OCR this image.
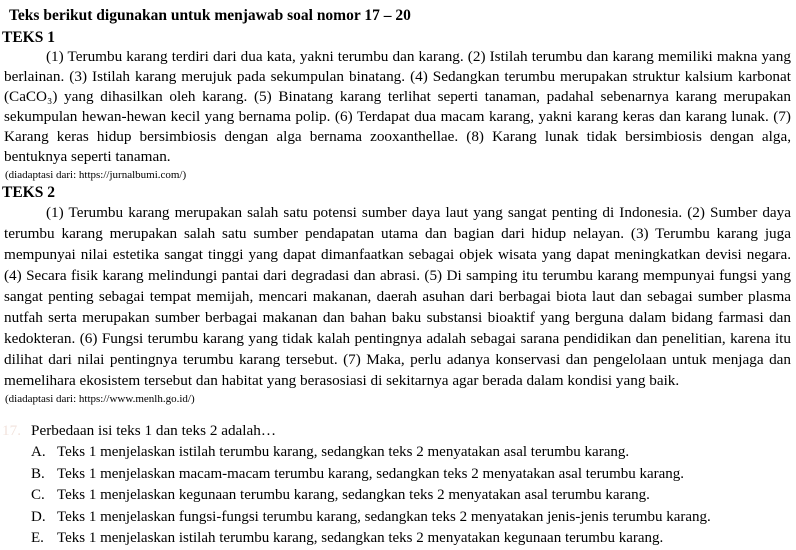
Teks berikut digunakan untuk menjawab soal nomor 17 – 20
TEKS 1

(1) Terumbu karang terdiri dari dua kata, yakni terumbu dan karang. (2) Istilah terumbu dan karang memiliki makna yang berlainan. (3) Istilah karang merujuk pada sekumpulan binatang. (4) Sedangkan terumbu merupakan struktur kalsium karbonat (CaCO₃) yang dihasilkan oleh karang. (5) Binatang karang terlihat seperti tanaman, padahal sebenarnya karang merupakan sekumpulan hewan-hewan kecil yang bernama polip. (6) Terdapat dua macam karang, yakni karang keras dan karang lunak. (7) Karang keras hidup bersimbiosis dengan alga bernama zooxanthellae. (8) Karang lunak tidak bersimbiosis dengan alga, bentuknya seperti tanaman.

(diadaptasi dari: https://jurnalbumi.com/)
TEKS 2

(1) Terumbu karang merupakan salah satu potensi sumber daya laut yang sangat penting di Indonesia. (2) Sumber daya terumbu karang merupakan salah satu sumber pendapatan utama dan bagian dari hidup nelayan. (3) Terumbu karang juga mempunyai nilai estetika sangat tinggi yang dapat dimanfaatkan sebagai objek wisata yang dapat meningkatkan devisi negara. (4) Secara fisik karang melindungi pantai dari degradasi dan abrasi. (5) Di samping itu terumbu karang mempunyai fungsi yang sangat penting sebagai tempat memijah, mencari makanan, daerah asuhan dari berbagai biota laut dan sebagai sumber plasma nutfah serta merupakan sumber berbagai makanan dan bahan baku substansi bioaktif yang berguna dalam bidang farmasi dan kedokteran. (6) Fungsi terumbu karang yang tidak kalah pentingnya adalah sebagai sarana pendidikan dan penelitian, karena itu dilihat dari nilai pentingnya terumbu karang tersebut. (7) Maka, perlu adanya konservasi dan pengelolaan untuk menjaga dan memelihara ekosistem tersebut dan habitat yang berasosiasi di sekitarnya agar berada dalam kondisi yang baik.

(diadaptasi dari: https://www.menlh.go.id/)
17. Perbedaan isi teks 1 dan teks 2 adalah…
A. Teks 1 menjelaskan istilah terumbu karang, sedangkan teks 2 menyatakan asal terumbu karang.
B. Teks 1 menjelaskan macam-macam terumbu karang, sedangkan teks 2 menyatakan asal terumbu karang.
C. Teks 1 menjelaskan kegunaan terumbu karang, sedangkan teks 2 menyatakan asal terumbu karang.
D. Teks 1 menjelaskan fungsi-fungsi terumbu karang, sedangkan teks 2 menyatakan jenis-jenis terumbu karang.
E. Teks 1 menjelaskan istilah terumbu karang, sedangkan teks 2 menyatakan kegunaan terumbu karang.
